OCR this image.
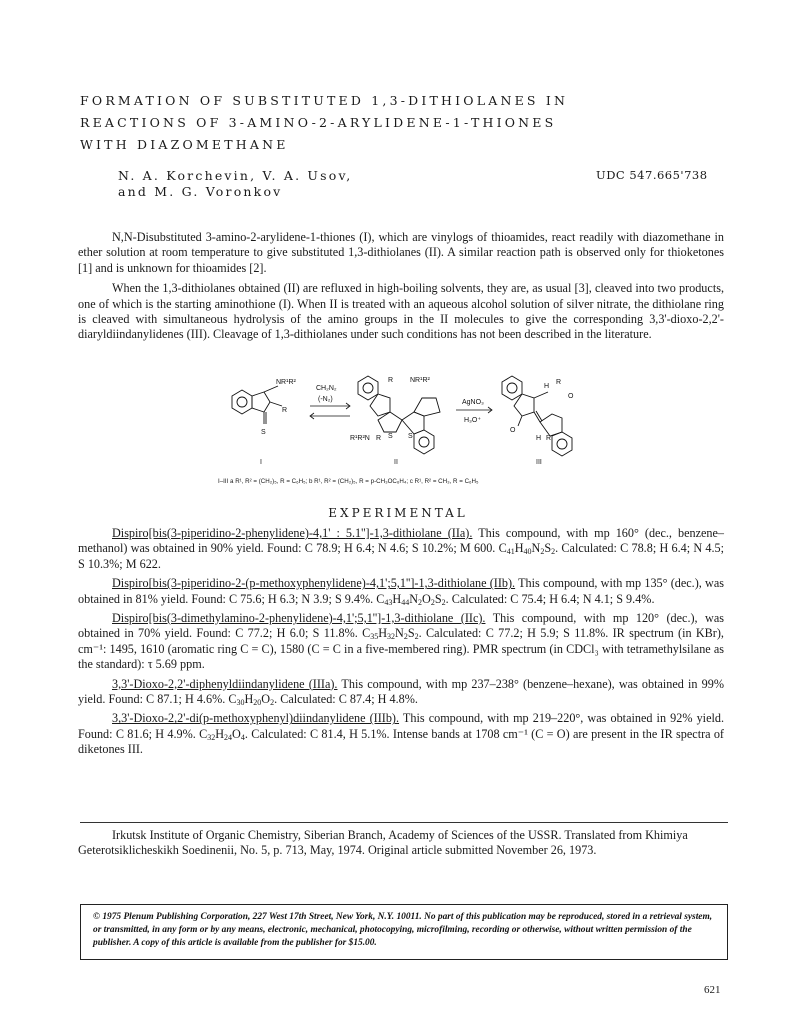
FORMATION OF SUBSTITUTED 1,3-DITHIOLANES IN
REACTIONS OF 3-AMINO-2-ARYLIDENE-1-THIONES
WITH DIAZOMETHANE
N. A. Korchevin, V. A. Usov,
and M. G. Voronkov
UDC 547.665'738

N,N-Disubstituted 3-amino-2-arylidene-1-thiones (I), which are vinylogs of thioamides, react readily with diazomethane in ether solution at room temperature to give substituted 1,3-dithiolanes (II). A similar reaction path is observed only for thioketones [1] and is unknown for thioamides [2].

When the 1,3-dithiolanes obtained (II) are refluxed in high-boiling solvents, they are, as usual [3], cleaved into two products, one of which is the starting aminothione (I). When II is treated with an aqueous alcohol solution of silver nitrate, the dithiolane ring is cleaved with simultaneous hydrolysis of the amino groups in the II molecules to give the corresponding 3,3'-dioxo-2,2'-diaryldiindanylidenes (III). Cleavage of 1,3-dithiolanes under such conditions has not been described in the literature.

NR¹R²
R
S
CH₂N₂
(-N₂)
R NR¹R²
R¹R²N R S S
AgNO₃
H₃O⁺
H
R
O
O
H R
I	II	III
I–III a R¹, R² = (CH₂)₅, R = C₆H₅; b R¹, R² = (CH₂)₅, R = p-CH₃OC₆H₄; c R¹, R² = CH₃, R = C₆H₅
EXPERIMENTAL

Dispiro[bis(3-piperidino-2-phenylidene)-4,1' : 5.1'']-1,3-dithiolane (IIa). This compound, with mp 160° (dec., benzene–methanol) was obtained in 90% yield. Found: C 78.9; H 6.4; N 4.6; S 10.2%; M 600. $C_{41}H_{40}N_2S_2$. Calculated: C 78.8; H 6.4; N 4.5; S 10.3%; M 622.

Dispiro[bis(3-piperidino-2-(p-methoxyphenylidene)-4,1';5,1'']-1,3-dithiolane (IIb). This compound, with mp 135° (dec.), was obtained in 81% yield. Found: C 75.6; H 6.3; N 3.9; S 9.4%. $C_{43}H_{44}N_2O_2S_2$. Calculated: C 75.4; H 6.4; N 4.1; S 9.4%.

Dispiro[bis(3-dimethylamino-2-phenylidene)-4,1';5,1'']-1,3-dithiolane (IIc). This compound, with mp 120° (dec.), was obtained in 70% yield. Found: C 77.2; H 6.0; S 11.8%. $C_{35}H_{32}N_2S_2$. Calculated: C 77.2; H 5.9; S 11.8%. IR spectrum (in KBr), cm⁻¹: 1495, 1610 (aromatic ring C = C), 1580 (C = C in a five-membered ring). PMR spectrum (in CDCl₃ with tetramethylsilane as the standard): τ 5.69 ppm.

3,3'-Dioxo-2,2'-diphenyldiindanylidene (IIIa). This compound, with mp 237–238° (benzene–hexane), was obtained in 99% yield. Found: C 87.1; H 4.6%. $C_{30}H_{20}O_2$. Calculated: C 87.4; H 4.8%.

3,3'-Dioxo-2,2'-di(p-methoxyphenyl)diindanylidene (IIIb). This compound, with mp 219–220°, was obtained in 92% yield. Found: C 81.6; H 4.9%. $C_{32}H_{24}O_4$. Calculated: C 81.4, H 5.1%. Intense bands at 1708 cm⁻¹ (C = O) are present in the IR spectra of diketones III.

Irkutsk Institute of Organic Chemistry, Siberian Branch, Academy of Sciences of the USSR. Translated from Khimiya Geterotsiklicheskikh Soedinenii, No. 5, p. 713, May, 1974. Original article submitted November 26, 1973.

© 1975 Plenum Publishing Corporation, 227 West 17th Street, New York, N.Y. 10011. No part of this publication may be reproduced, stored in a retrieval system, or transmitted, in any form or by any means, electronic, mechanical, photocopying, microfilming, recording or otherwise, without written permission of the publisher. A copy of this article is available from the publisher for $15.00.
621
